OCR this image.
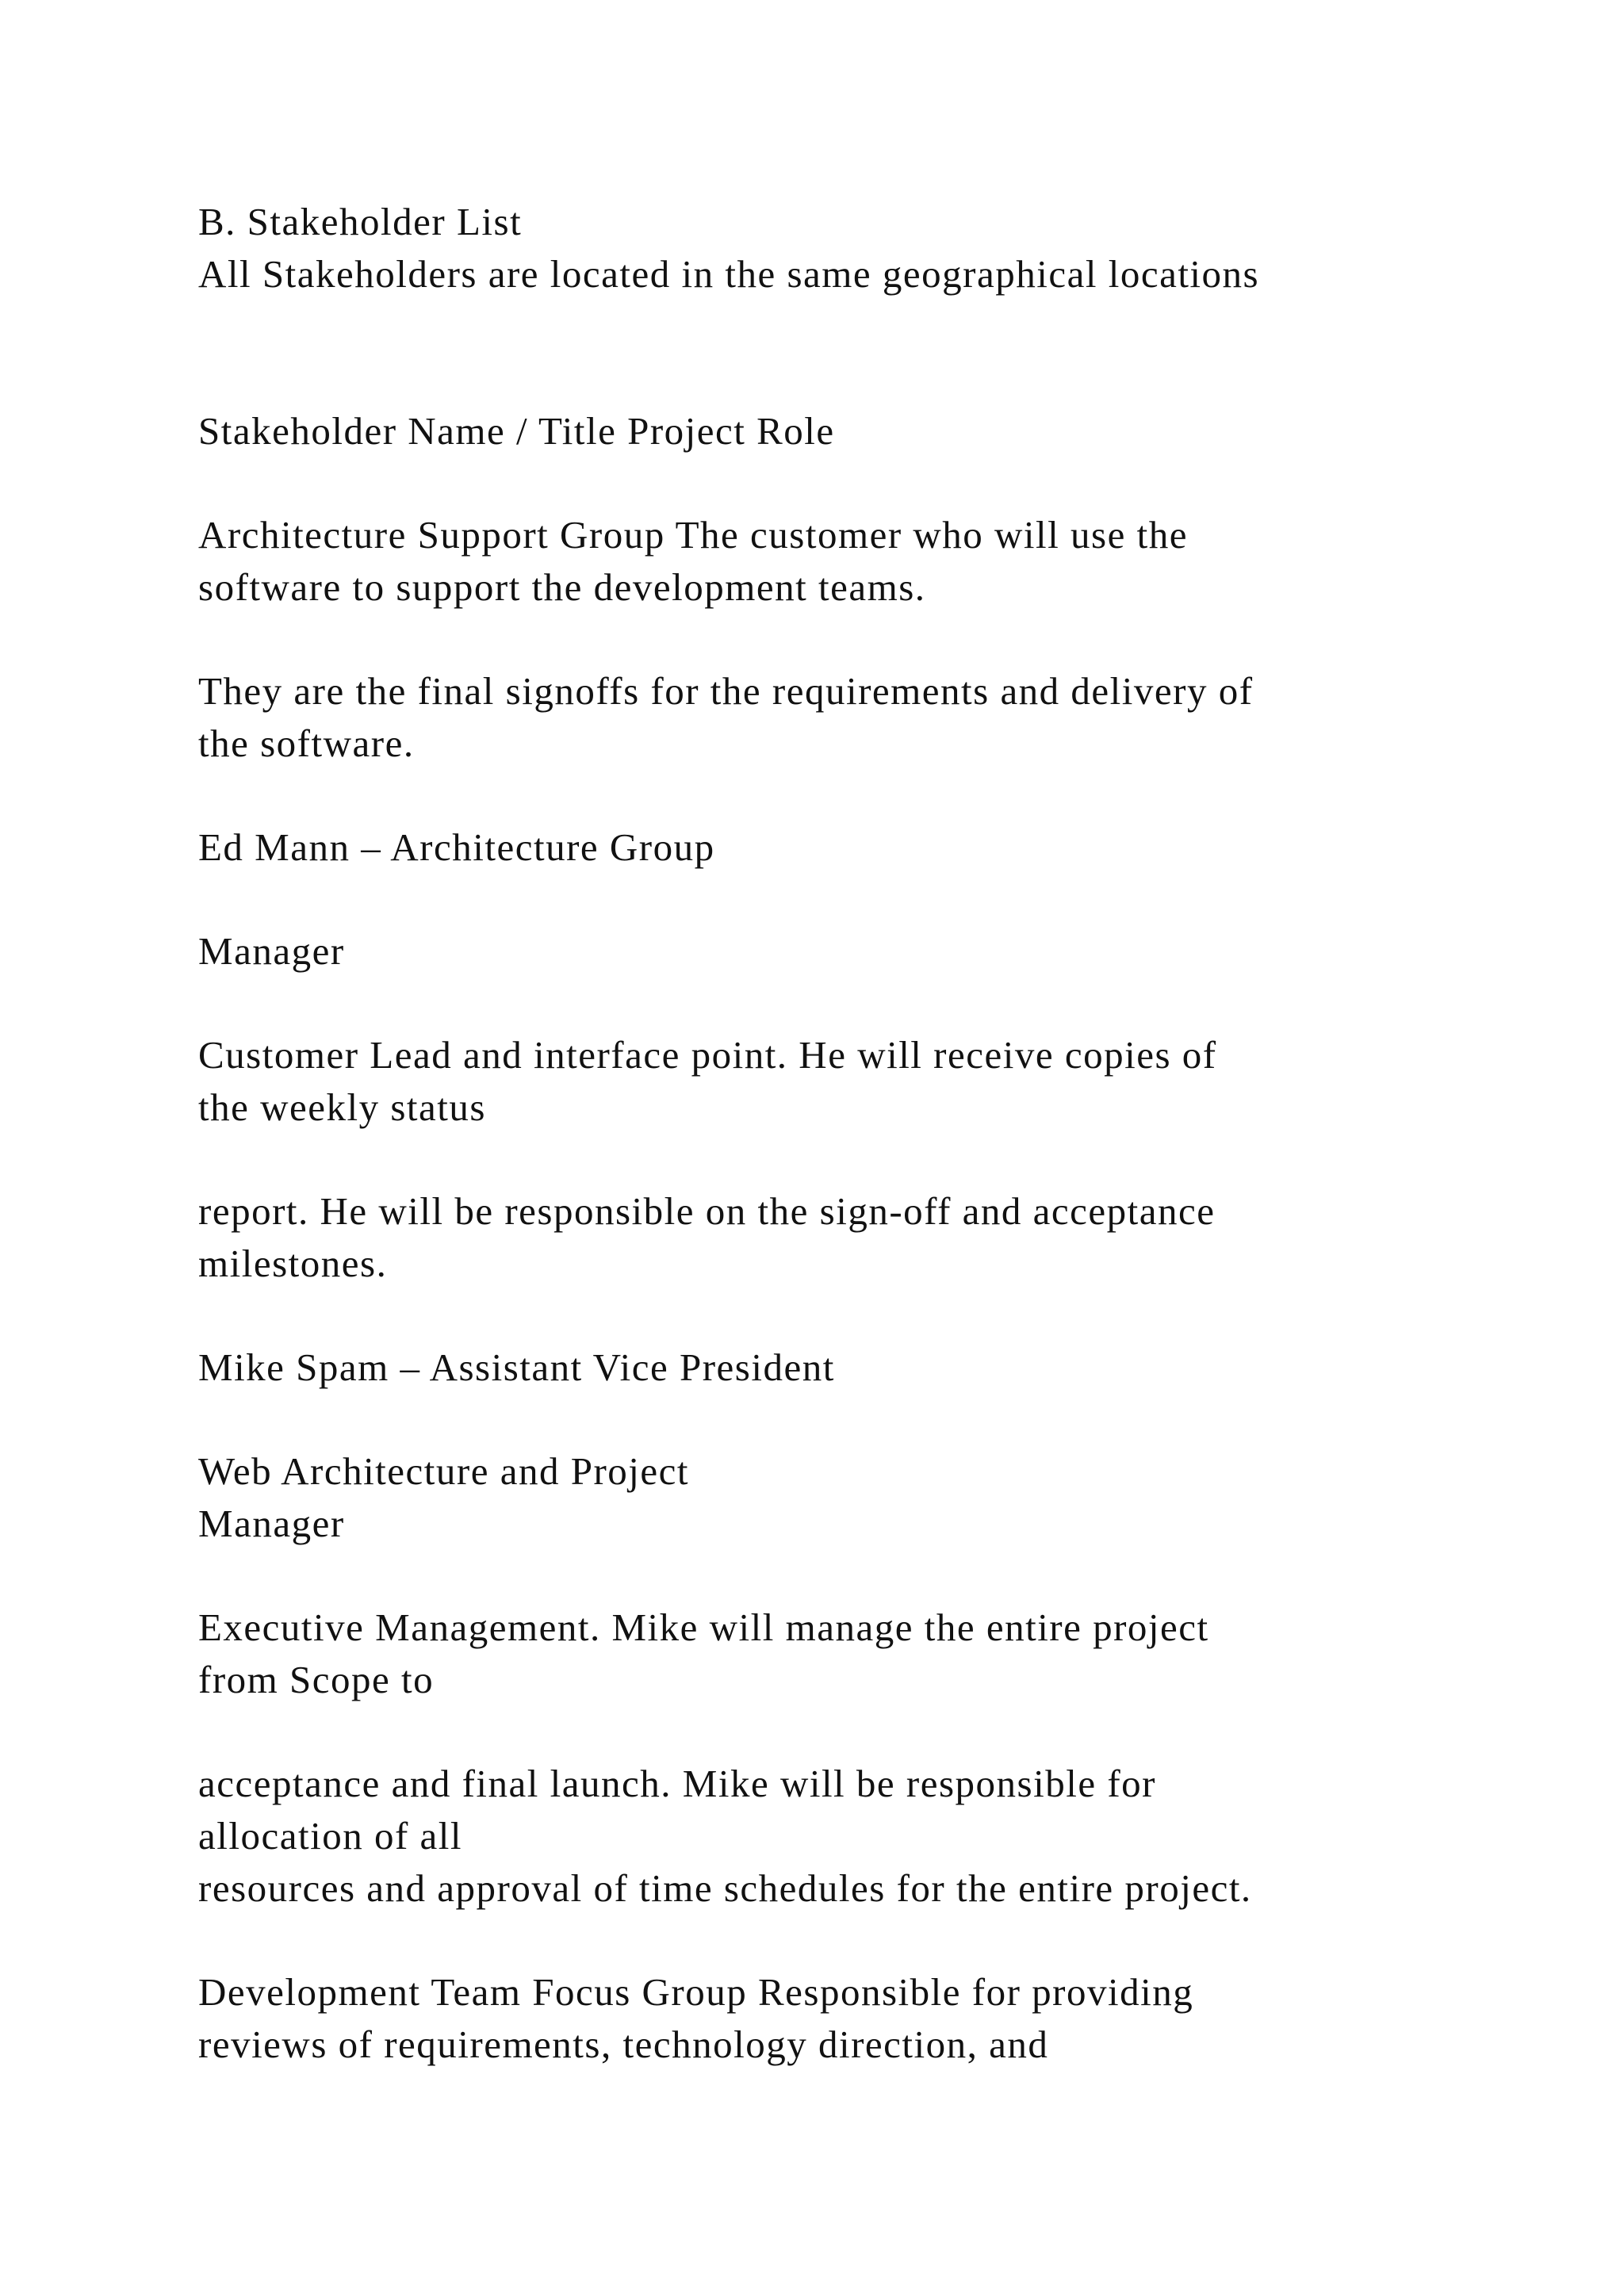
B. Stakeholder List

All Stakeholders are located in the same geographical locations

Stakeholder Name / Title Project Role

Architecture Support Group The customer who will use the

software to support the development teams.

They are the final signoffs for the requirements and delivery of

the software.

Ed Mann – Architecture Group

Manager

Customer Lead and interface point. He will receive copies of

the weekly status

report. He will be responsible on the sign-off and acceptance

milestones.

Mike Spam – Assistant Vice President

Web Architecture and Project

Manager

Executive Management. Mike will manage the entire project

from Scope to

acceptance and final launch. Mike will be responsible for

allocation of all

resources and approval of time schedules for the entire project.

Development Team Focus Group Responsible for providing

reviews of requirements, technology direction, and
